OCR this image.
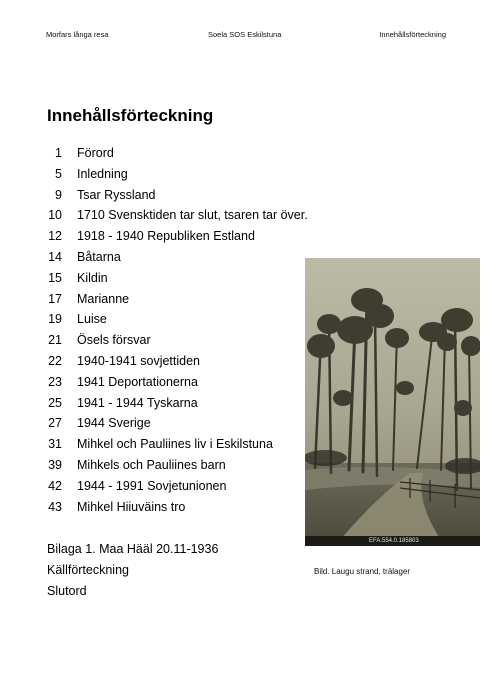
Morfars långa resa	Soela SOS Eskilstuna	Innehållsförteckning
Innehållsförteckning
1 Förord
5 Inledning
9 Tsar Ryssland
10 1710 Svensktiden tar slut, tsaren tar över.
12 1918 - 1940 Republiken Estland
14 Båtarna
15 Kildin
17 Marianne
19 Luise
21 Ösels försvar
22 1940-1941 sovjettiden
23 1941 Deportationerna
25 1941 - 1944 Tyskarna
27 1944 Sverige
31 Mihkel och Pauliines liv i Eskilstuna
39 Mihkels och Pauliines barn
42 1944 - 1991 Sovjetunionen
43 Mihkel Hiiuväins tro
Bilaga 1. Maa Hääl 20.11-1936
Källförteckning
Slutord
EFA.554.0.185803
Bild. Laugu strand, trälager
